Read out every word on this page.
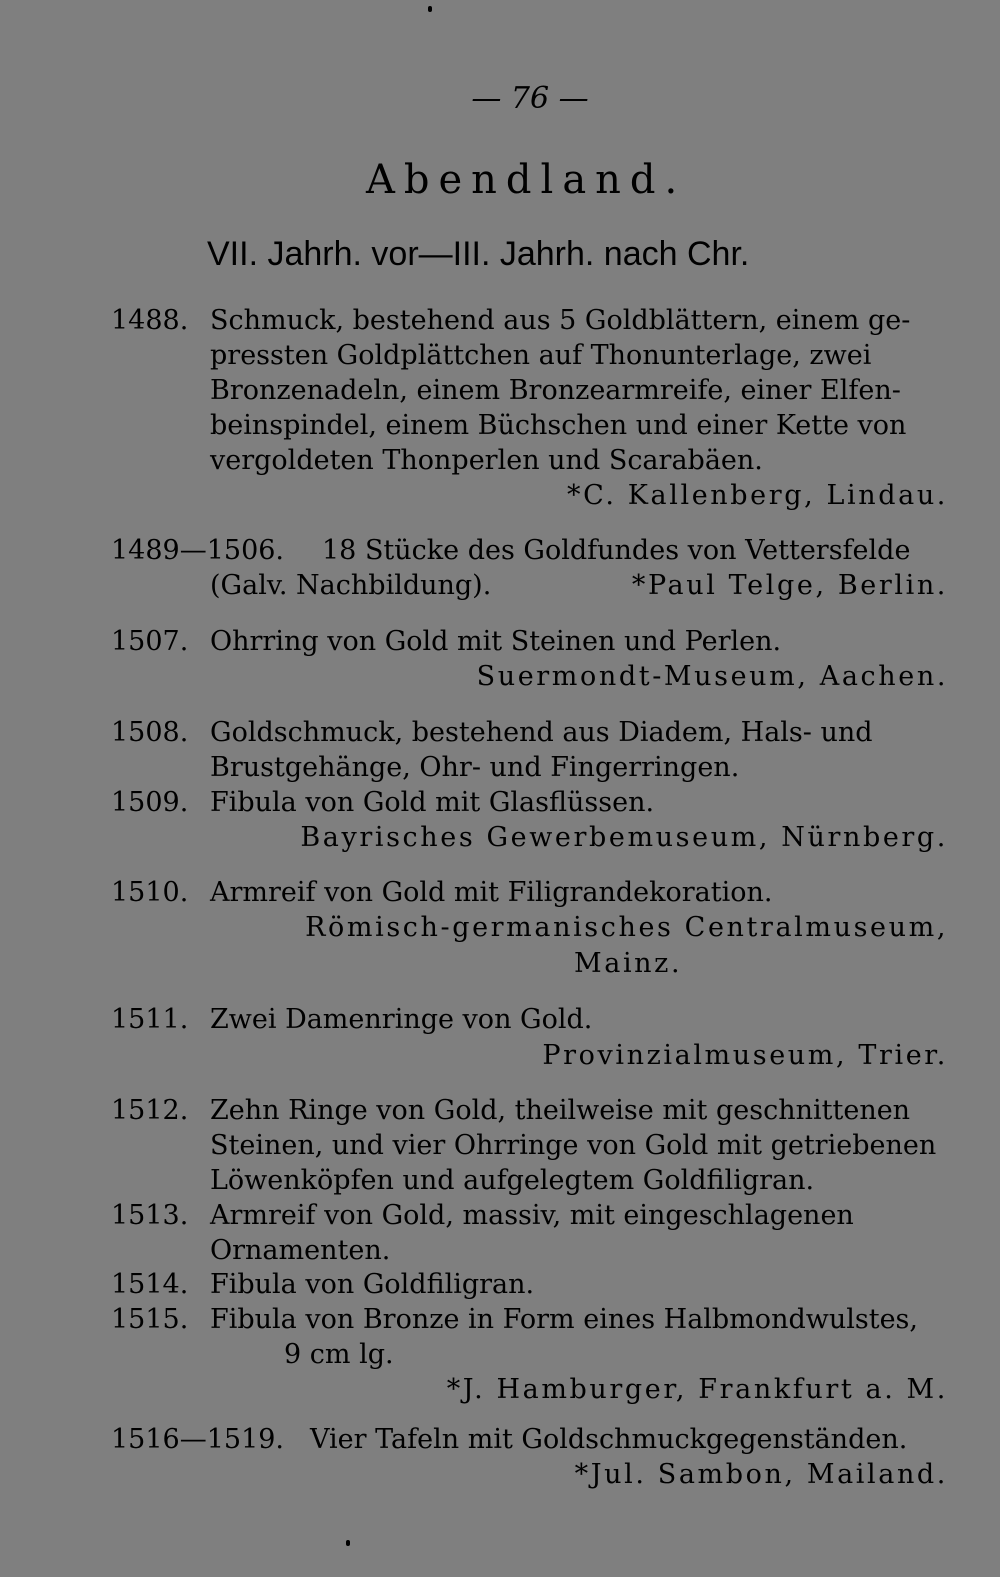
— 76 —
Abendland.
VII. Jahrh. vor—III. Jahrh. nach Chr.
1488. Schmuck, bestehend aus 5 Goldblättern, einem ge-
pressten Goldplättchen auf Thonunterlage, zwei
Bronzenadeln, einem Bronzearmreife, einer Elfen-
beinspindel, einem Büchschen und einer Kette von
vergoldeten Thonperlen und Scarabäen.
*C. Kallenberg, Lindau.
1489—1506. 18 Stücke des Goldfundes von Vettersfelde
(Galv. Nachbildung).	*Paul Telge, Berlin.
1507. Ohrring von Gold mit Steinen und Perlen.
Suermondt-Museum, Aachen.
1508. Goldschmuck, bestehend aus Diadem, Hals- und
Brustgehänge, Ohr- und Fingerringen.
1509. Fibula von Gold mit Glasflüssen.
Bayrisches Gewerbemuseum, Nürnberg.
1510. Armreif von Gold mit Filigrandekoration.
Römisch-germanisches Centralmuseum,
Mainz.
1511. Zwei Damenringe von Gold.
Provinzialmuseum, Trier.
1512. Zehn Ringe von Gold, theilweise mit geschnittenen
Steinen, und vier Ohrringe von Gold mit getriebenen
Löwenköpfen und aufgelegtem Goldfiligran.
1513. Armreif von Gold, massiv, mit eingeschlagenen
Ornamenten.
1514. Fibula von Goldfiligran.
1515. Fibula von Bronze in Form eines Halbmondwulstes,
9 cm lg.
*J. Hamburger, Frankfurt a. M.
1516—1519. Vier Tafeln mit Goldschmuckgegenständen.
*Jul. Sambon, Mailand.
